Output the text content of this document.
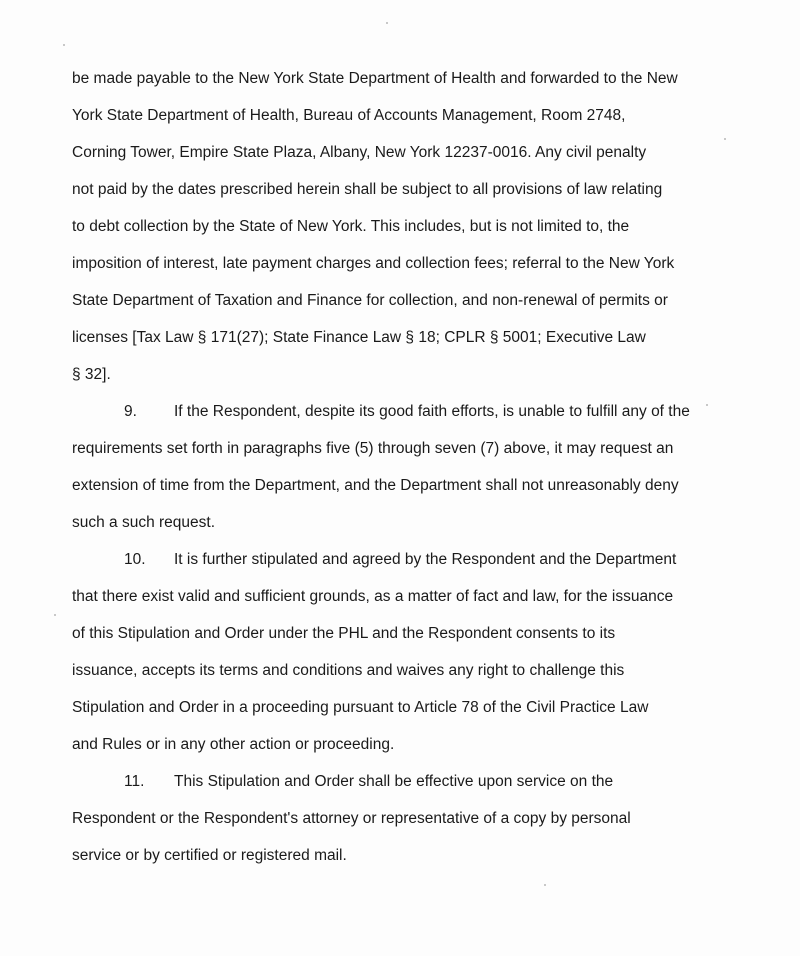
be made payable to the New York State Department of Health and forwarded to the New
York State Department of Health, Bureau of Accounts Management, Room 2748,
Corning Tower, Empire State Plaza, Albany, New York 12237-0016. Any civil penalty
not paid by the dates prescribed herein shall be subject to all provisions of law relating
to debt collection by the State of New York. This includes, but is not limited to, the
imposition of interest, late payment charges and collection fees; referral to the New York
State Department of Taxation and Finance for collection, and non-renewal of permits or
licenses [Tax Law § 171(27); State Finance Law § 18; CPLR § 5001; Executive Law
§ 32].
9. If the Respondent, despite its good faith efforts, is unable to fulfill any of the
requirements set forth in paragraphs five (5) through seven (7) above, it may request an
extension of time from the Department, and the Department shall not unreasonably deny
such a such request.
10. It is further stipulated and agreed by the Respondent and the Department
that there exist valid and sufficient grounds, as a matter of fact and law, for the issuance
of this Stipulation and Order under the PHL and the Respondent consents to its
issuance, accepts its terms and conditions and waives any right to challenge this
Stipulation and Order in a proceeding pursuant to Article 78 of the Civil Practice Law
and Rules or in any other action or proceeding.
11. This Stipulation and Order shall be effective upon service on the
Respondent or the Respondent's attorney or representative of a copy by personal
service or by certified or registered mail.
